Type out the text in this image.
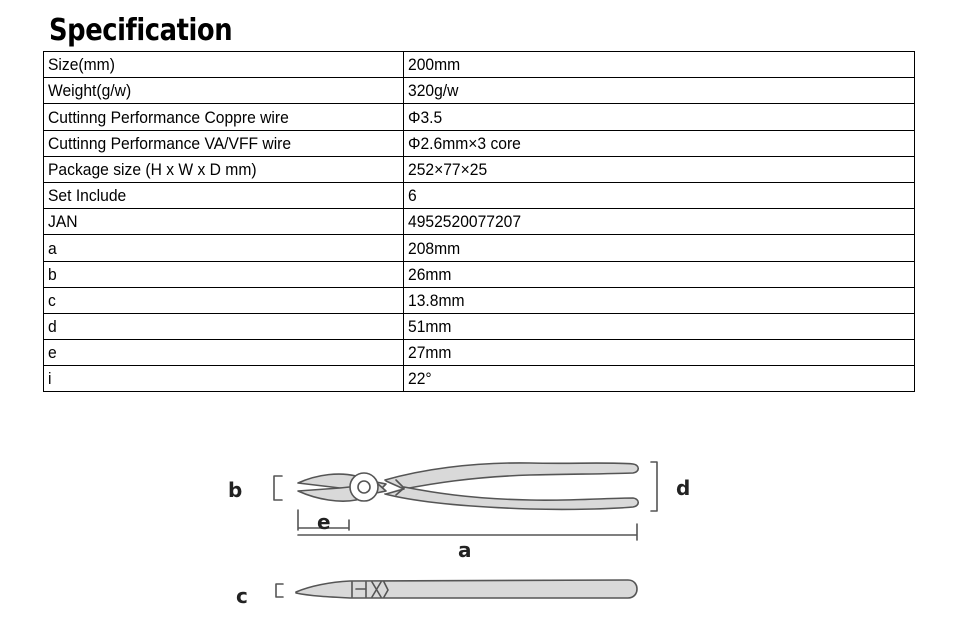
Specification
Size(mm)	200mm
Weight(g/w)	320g/w
Cuttinng Performance Coppre wire	Φ3.5
Cuttinng Performance VA/VFF wire	Φ2.6mm×3 core
Package size (H x W x D mm)	252×77×25
Set Include	6
JAN	4952520077207
a	208mm
b	26mm
c	13.8mm
d	51mm
e	27mm
i	22°
b	d
e
a
c
